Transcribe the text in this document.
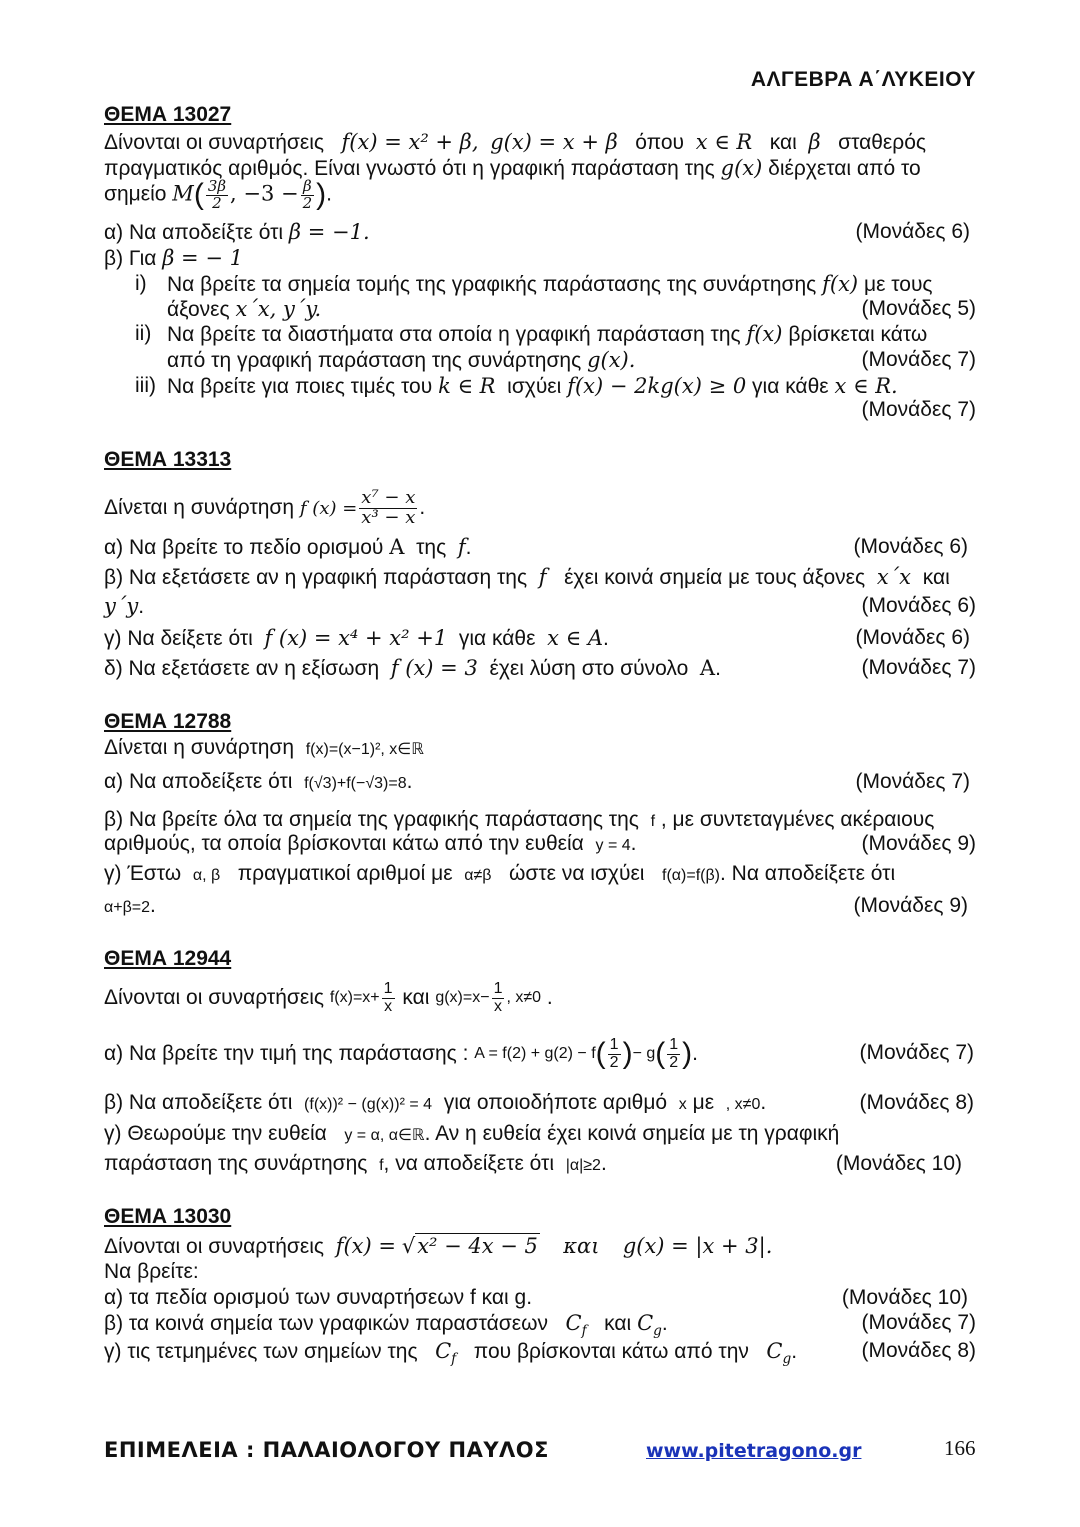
ΑΛΓΕΒΡΑ Α΄ΛΥΚΕΙΟΥ
ΘΕΜΑ 13027
Δίνονται οι συναρτήσεις f(x) = x² + β, g(x) = x + β όπου x ∈ R και β σταθερός
πραγματικός αριθμός. Είναι γνωστό ότι η γραφική παράσταση της g(x) διέρχεται από το
σημείο $M( \frac{3\beta}{2}$ , $-3 - \frac{\beta}{2}$ ).
α) Να αποδείξτε ότι β = −1.	(Μονάδες 6)
β) Για β = − 1
i) Να βρείτε τα σημεία τομής της γραφικής παράστασης της συνάρτησης f(x) με τους
άξονες x΄x, y΄y.	(Μονάδες 5)
ii) Να βρείτε τα διαστήματα στα οποία η γραφική παράσταση της f(x) βρίσκεται κάτω
από τη γραφική παράσταση της συνάρτησης g(x).	(Μονάδες 7)
iii) Να βρείτε για ποιες τιμές του k ∈ R ισχύει f(x) − 2kg(x) ≥ 0 για κάθε x ∈ R.
(Μονάδες 7)
ΘΕΜΑ 13313
Δίνεται η συνάρτηση
f $(x) = \frac{\text{x⁷ − x}}{\text{x³ − x}}$ .
α) Να βρείτε το πεδίο ορισμού Α της f.	(Μονάδες 6)
β) Να εξετάσετε αν η γραφική παράσταση της f έχει κοινά σημεία με τους άξονες x΄x και
y΄y.	(Μονάδες 6)
γ) Να δείξετε ότι f (x) = x⁴ + x² +1 για κάθε x ∈ Α.	(Μονάδες 6)
δ) Να εξετάσετε αν η εξίσωση f (x) = 3 έχει λύση στο σύνολο Α.	(Μονάδες 7)
ΘΕΜΑ 12788
Δίνεται η συνάρτηση f(x)=(x−1)², x∈ℝ
α) Να αποδείξετε ότι f(√3)+f(−√3)=8.	(Μονάδες 7)
β) Να βρείτε όλα τα σημεία της γραφικής παράστασης της f , με συντεταγμένες ακέραιους
αριθμούς, τα οποία βρίσκονται κάτω από την ευθεία y = 4.	(Μονάδες 9)
γ) Έστω α, β πραγματικοί αριθμοί με α≠β ώστε να ισχύει f(α)=f(β). Να αποδείξετε ότι
α+β=2.	(Μονάδες 9)
ΘΕΜΑ 12944
Δίνονται οι συναρτήσεις
$f(x)=x+ \frac{1}{x}$
και
$g(x)=x- \frac{1}{x}$ , x≠0 .
α) Να βρείτε την τιμή της παράστασης :
A = f(2) + g(2) − f ( $\frac{1}{2}$ ) − g ( $\frac{1}{2}$ ) .	(Μονάδες 7)
β) Να αποδείξετε ότι (f(x))² − (g(x))² = 4 για οποιοδήποτε αριθμό x με , x≠0.	(Μονάδες 8)
γ) Θεωρούμε την ευθεία y = α, α∈ℝ. Αν η ευθεία έχει κοινά σημεία με τη γραφική
παράσταση της συνάρτησης f, να αποδείξετε ότι |α|≥2.	(Μονάδες 10)
ΘΕΜΑ 13030
Δίνονται οι συναρτήσεις f(x) = √x² − 4x − 5 και g(x) = |x + 3|.
Να βρείτε:
α) τα πεδία ορισμού των συναρτήσεων f και g.	(Μονάδες 10)
β) τα κοινά σημεία των γραφικών παραστάσεων $C_f$ και $C_g$.	(Μονάδες 7)
γ) τις τετμημένες των σημείων της $C_f$ που βρίσκονται κάτω από την $C_g$.	(Μονάδες 8)
ΕΠΙΜΕΛΕΙΑ : ΠΑΛΑΙΟΛΟΓΟΥ ΠΑΥΛΟΣ	www.pitetragono.gr	166
